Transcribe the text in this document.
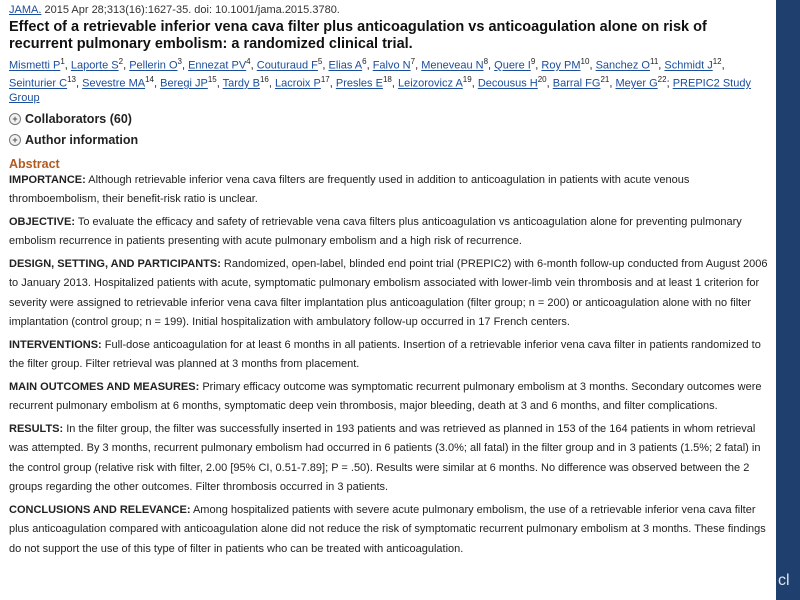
JAMA. 2015 Apr 28;313(16):1627-35. doi: 10.1001/jama.2015.3780.
Effect of a retrievable inferior vena cava filter plus anticoagulation vs anticoagulation alone on risk of recurrent pulmonary embolism: a randomized clinical trial.
Mismetti $P^1$, Laporte $S^2$, Pellerin $O^3$, Ennezat $PV^4$, Couturaud $F^5$, Elias $A^6$, Falvo $N^7$, Meneveau $N^8$, Quere $I^9$, Roy PM$^{10}$, Sanchez $O^{11}$, Schmidt $J^{12}$, Seinturier $C^{13}$, Sevestre MA$^{14}$, Beregi JP$^{15}$, Tardy $B^{16}$, Lacroix $P^{17}$, Presles $E^{18}$, Leizorovicz $A^{19}$, Decousus $H^{20}$, Barral FG$^{21}$, Meyer $G^{22}$; PREPIC2 Study Group
+ Collaborators (60)
+ Author information
Abstract

IMPORTANCE: Although retrievable inferior vena cava filters are frequently used in addition to anticoagulation in patients with acute venous thromboembolism, their benefit-risk ratio is unclear.

OBJECTIVE: To evaluate the efficacy and safety of retrievable vena cava filters plus anticoagulation vs anticoagulation alone for preventing pulmonary embolism recurrence in patients presenting with acute pulmonary embolism and a high risk of recurrence.

DESIGN, SETTING, AND PARTICIPANTS: Randomized, open-label, blinded end point trial (PREPIC2) with 6-month follow-up conducted from August 2006 to January 2013. Hospitalized patients with acute, symptomatic pulmonary embolism associated with lower-limb vein thrombosis and at least 1 criterion for severity were assigned to retrievable inferior vena cava filter implantation plus anticoagulation (filter group; n = 200) or anticoagulation alone with no filter implantation (control group; n = 199). Initial hospitalization with ambulatory follow-up occurred in 17 French centers.

INTERVENTIONS: Full-dose anticoagulation for at least 6 months in all patients. Insertion of a retrievable inferior vena cava filter in patients randomized to the filter group. Filter retrieval was planned at 3 months from placement.

MAIN OUTCOMES AND MEASURES: Primary efficacy outcome was symptomatic recurrent pulmonary embolism at 3 months. Secondary outcomes were recurrent pulmonary embolism at 6 months, symptomatic deep vein thrombosis, major bleeding, death at 3 and 6 months, and filter complications.

RESULTS: In the filter group, the filter was successfully inserted in 193 patients and was retrieved as planned in 153 of the 164 patients in whom retrieval was attempted. By 3 months, recurrent pulmonary embolism had occurred in 6 patients (3.0%; all fatal) in the filter group and in 3 patients (1.5%; 2 fatal) in the control group (relative risk with filter, 2.00 [95% CI, 0.51-7.89]; P = .50). Results were similar at 6 months. No difference was observed between the 2 groups regarding the other outcomes. Filter thrombosis occurred in 3 patients.

CONCLUSIONS AND RELEVANCE: Among hospitalized patients with severe acute pulmonary embolism, the use of a retrievable inferior vena cava filter plus anticoagulation compared with anticoagulation alone did not reduce the risk of symptomatic recurrent pulmonary embolism at 3 months. These findings do not support the use of this type of filter in patients who can be treated with anticoagulation.

cl
